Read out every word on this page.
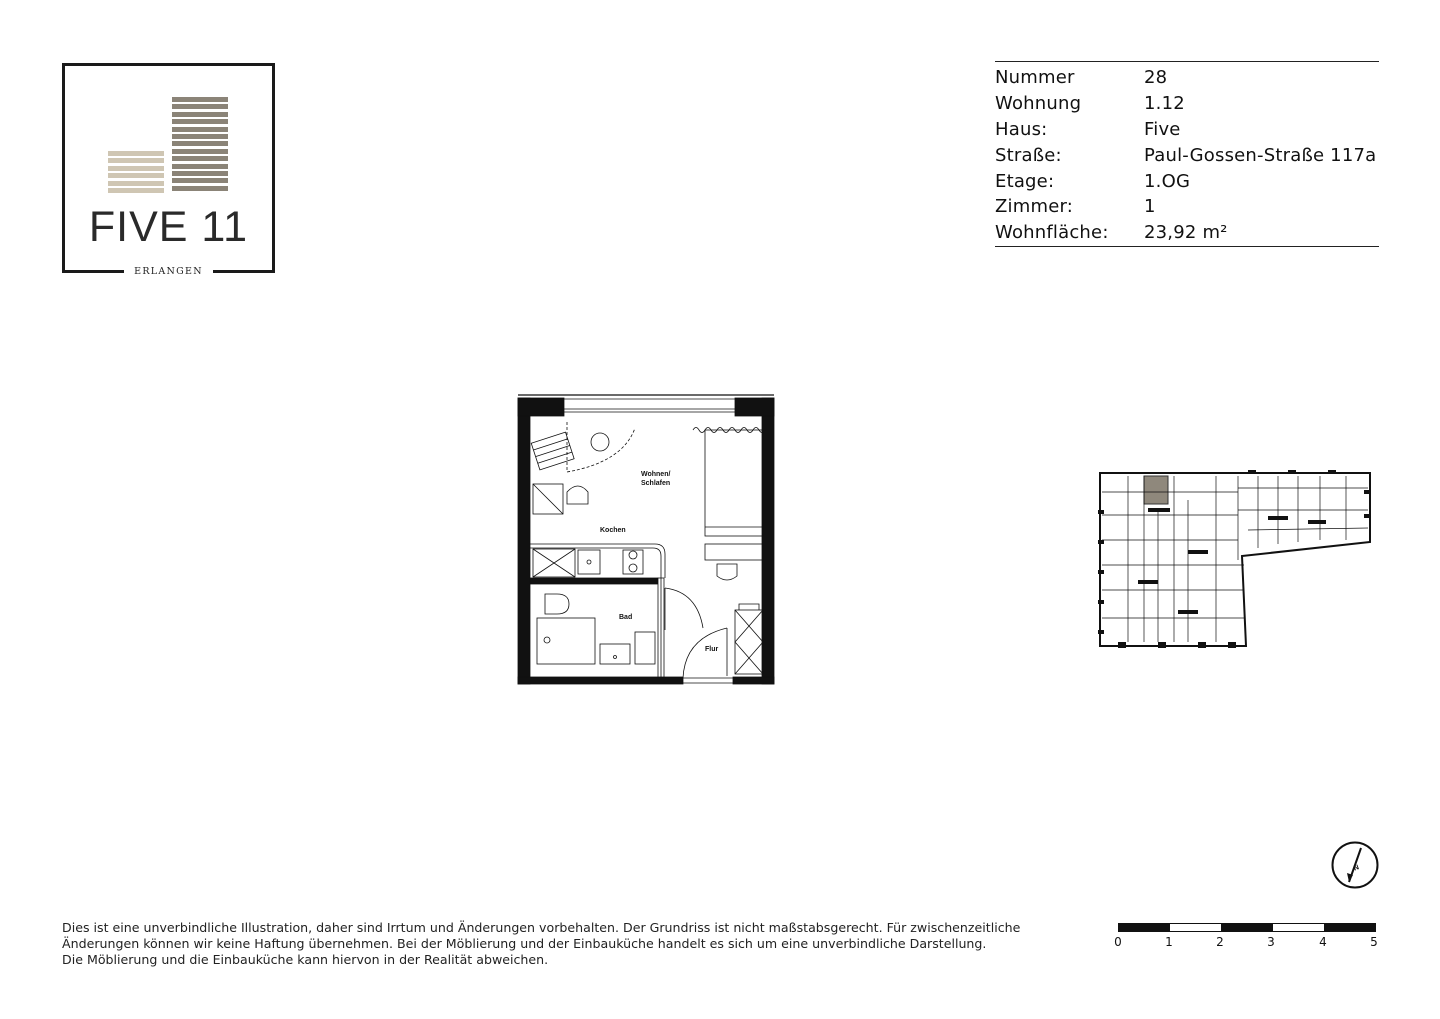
FIVE 11
ERLANGEN
Nummer	28
Wohnung	1.12
Haus:	Five
Straße:	Paul-Gossen-Straße 117a
Etage:	1.OG
Zimmer:	1
Wohnfläche:	23,92 m²
Wohnen/
Schlafen
Kochen
Bad
Flur
N
0	1	2	3	4	5
Dies ist eine unverbindliche Illustration, daher sind Irrtum und Änderungen vorbehalten. Der Grundriss ist nicht maßstabsgerecht. Für zwischenzeitliche
Änderungen können wir keine Haftung übernehmen. Bei der Möblierung und der Einbauküche handelt es sich um eine unverbindliche Darstellung.
Die Möblierung und die Einbauküche kann hiervon in der Realität abweichen.
